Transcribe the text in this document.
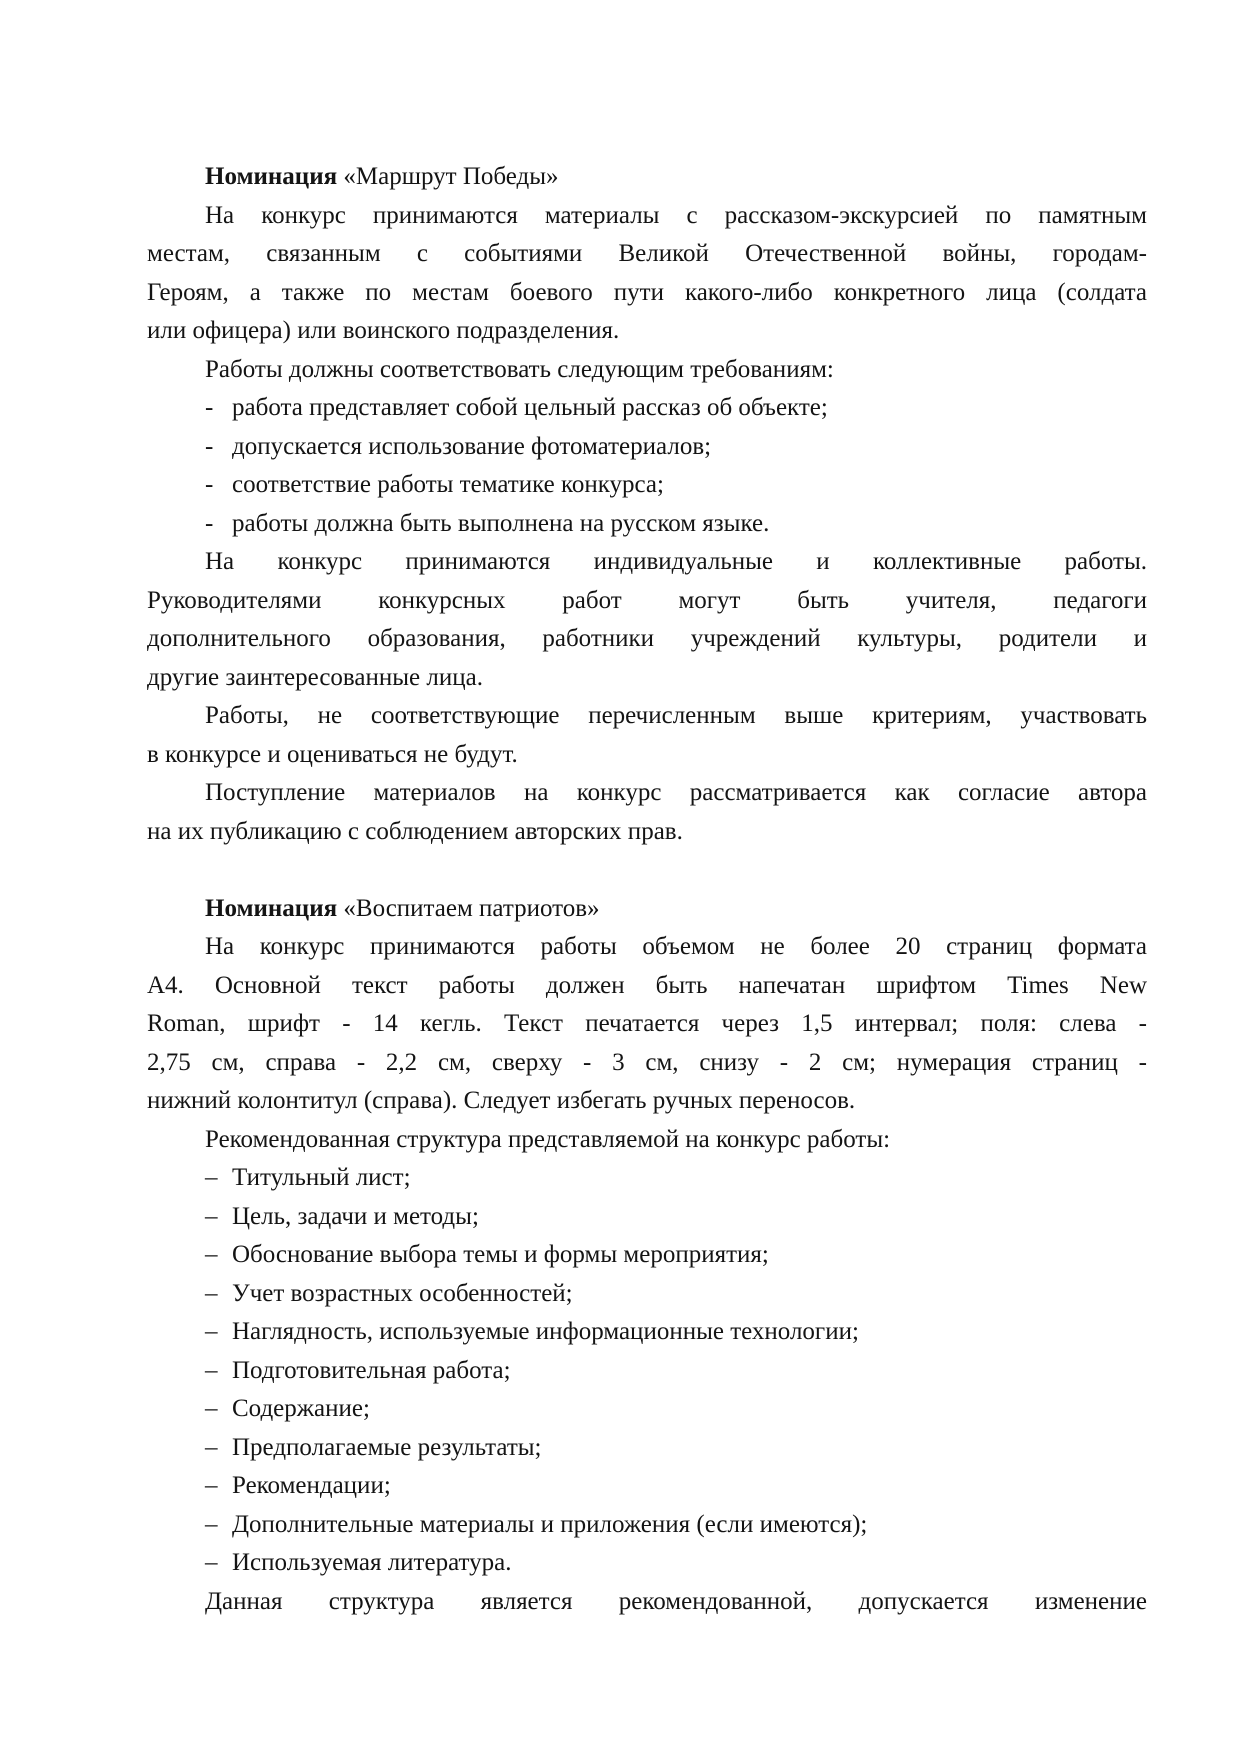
Номинация «Маршрут Победы»
На конкурс принимаются материалы с рассказом-экскурсией по памятным
местам, связанным с событиями Великой Отечественной войны, городам-
Героям, а также по местам боевого пути какого-либо конкретного лица (солдата
или офицера) или воинского подразделения.
Работы должны соответствовать следующим требованиям:
- работа представляет собой цельный рассказ об объекте;
- допускается использование фотоматериалов;
- соответствие работы тематике конкурса;
- работы должна быть выполнена на русском языке.
На конкурс принимаются индивидуальные и коллективные работы.
Руководителями конкурсных работ могут быть учителя, педагоги
дополнительного образования, работники учреждений культуры, родители и
другие заинтересованные лица.
Работы, не соответствующие перечисленным выше критериям, участвовать
в конкурсе и оцениваться не будут.
Поступление материалов на конкурс рассматривается как согласие автора
на их публикацию с соблюдением авторских прав.
Номинация «Воспитаем патриотов»
На конкурс принимаются работы объемом не более 20 страниц формата
А4. Основной текст работы должен быть напечатан шрифтом Times New
Roman, шрифт - 14 кегль. Текст печатается через 1,5 интервал; поля: слева -
2,75 см, справа - 2,2 см, сверху - 3 см, снизу - 2 см; нумерация страниц -
нижний колонтитул (справа). Следует избегать ручных переносов.
Рекомендованная структура представляемой на конкурс работы:
– Титульный лист;
– Цель, задачи и методы;
– Обоснование выбора темы и формы мероприятия;
– Учет возрастных особенностей;
– Наглядность, используемые информационные технологии;
– Подготовительная работа;
– Содержание;
– Предполагаемые результаты;
– Рекомендации;
– Дополнительные материалы и приложения (если имеются);
– Используемая литература.
Данная структура является рекомендованной, допускается изменение
